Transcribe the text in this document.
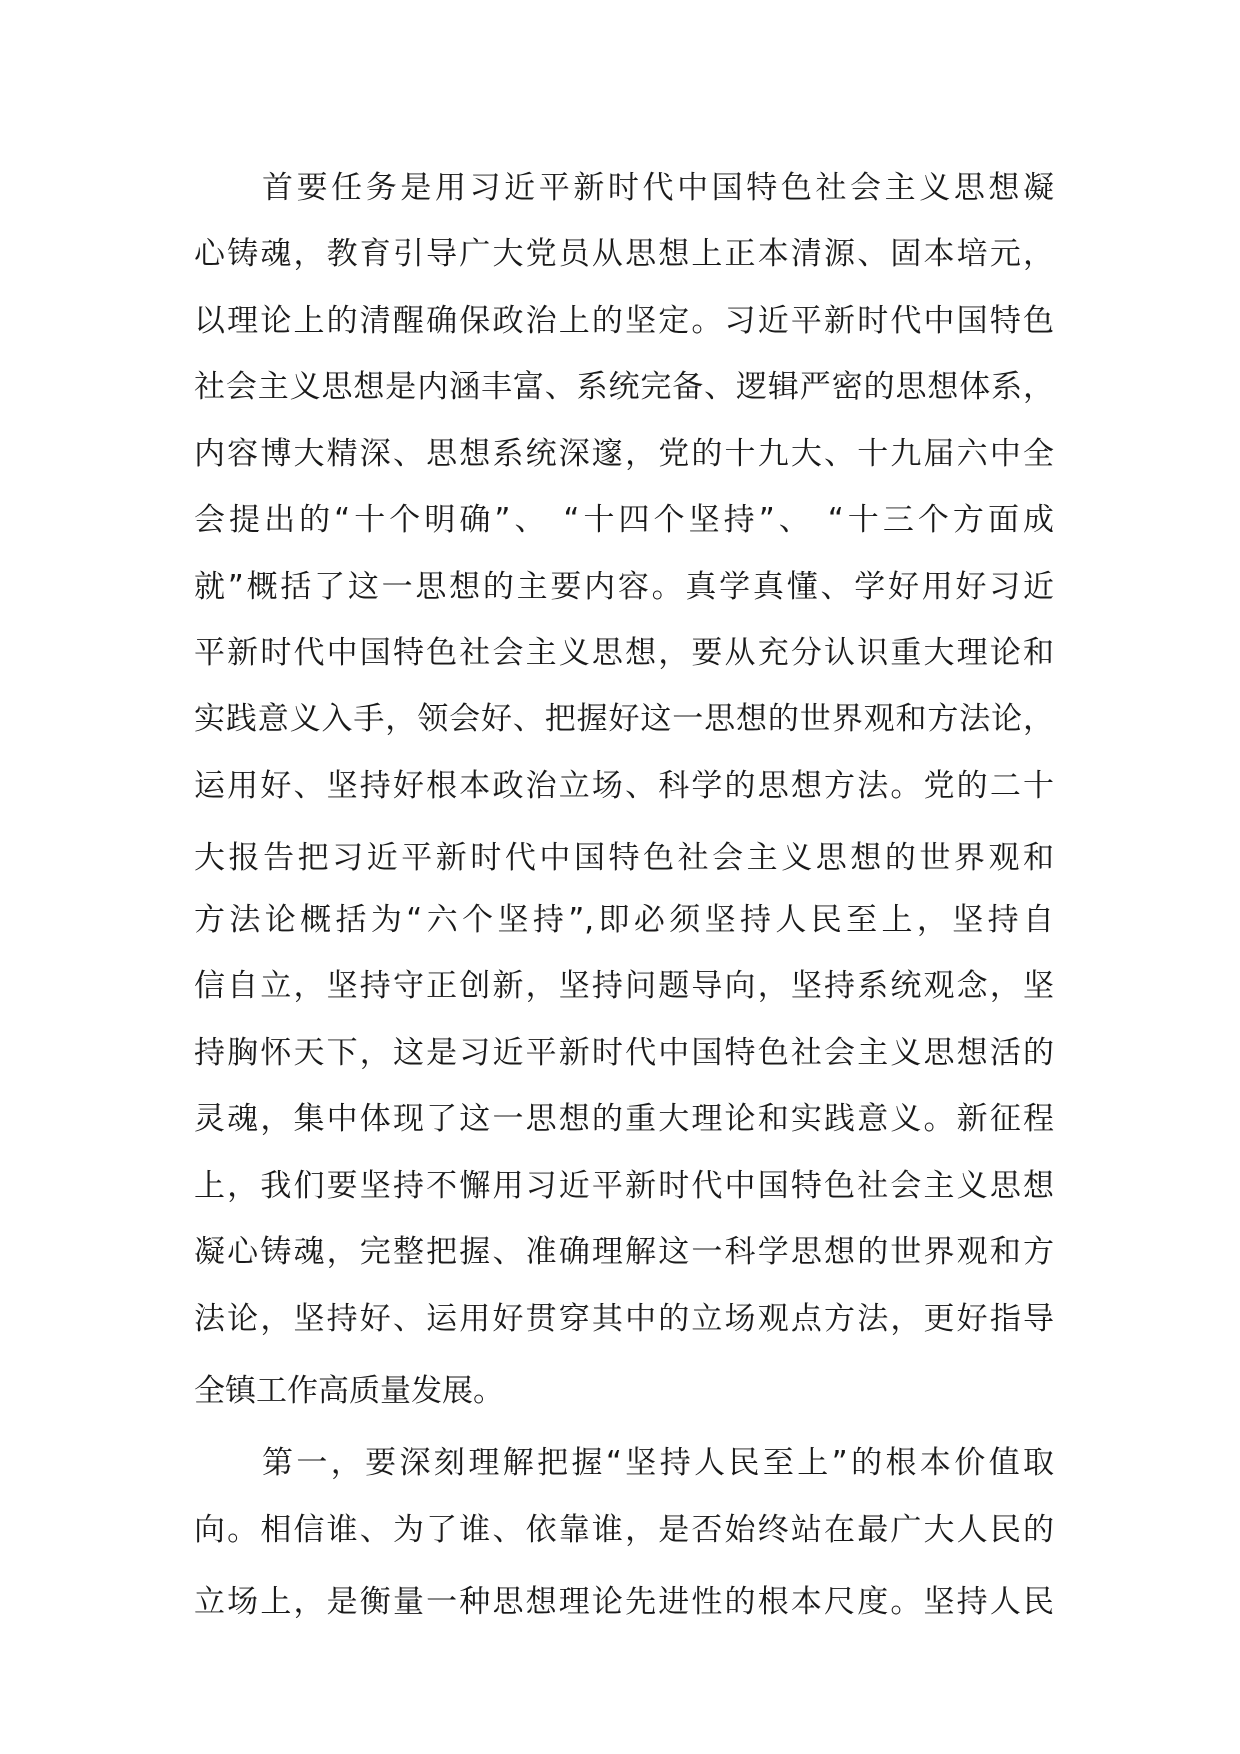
首要任务是用习近平新时代中国特色社会主义思想凝
心铸魂，教育引导广大党员从思想上正本清源、固本培元，
以理论上的清醒确保政治上的坚定。习近平新时代中国特色
社会主义思想是内涵丰富、系统完备、逻辑严密的思想体系，
内容博大精深、思想系统深邃，党的十九大、十九届六中全
会提出的“十个明确”、 “十四个坚持”、 “十三个方面成
就”概括了这一思想的主要内容。真学真懂、学好用好习近
平新时代中国特色社会主义思想，要从充分认识重大理论和
实践意义入手，领会好、把握好这一思想的世界观和方法论，
运用好、坚持好根本政治立场、科学的思想方法。党的二十
大报告把习近平新时代中国特色社会主义思想的世界观和
方法论概括为“六个坚持”,即必须坚持人民至上，坚持自
信自立，坚持守正创新，坚持问题导向，坚持系统观念，坚
持胸怀天下，这是习近平新时代中国特色社会主义思想活的
灵魂，集中体现了这一思想的重大理论和实践意义。新征程
上，我们要坚持不懈用习近平新时代中国特色社会主义思想
凝心铸魂，完整把握、准确理解这一科学思想的世界观和方
法论，坚持好、运用好贯穿其中的立场观点方法，更好指导
全镇工作高质量发展。
第一，要深刻理解把握“坚持人民至上”的根本价值取
向。相信谁、为了谁、依靠谁，是否始终站在最广大人民的
立场上，是衡量一种思想理论先进性的根本尺度。坚持人民
